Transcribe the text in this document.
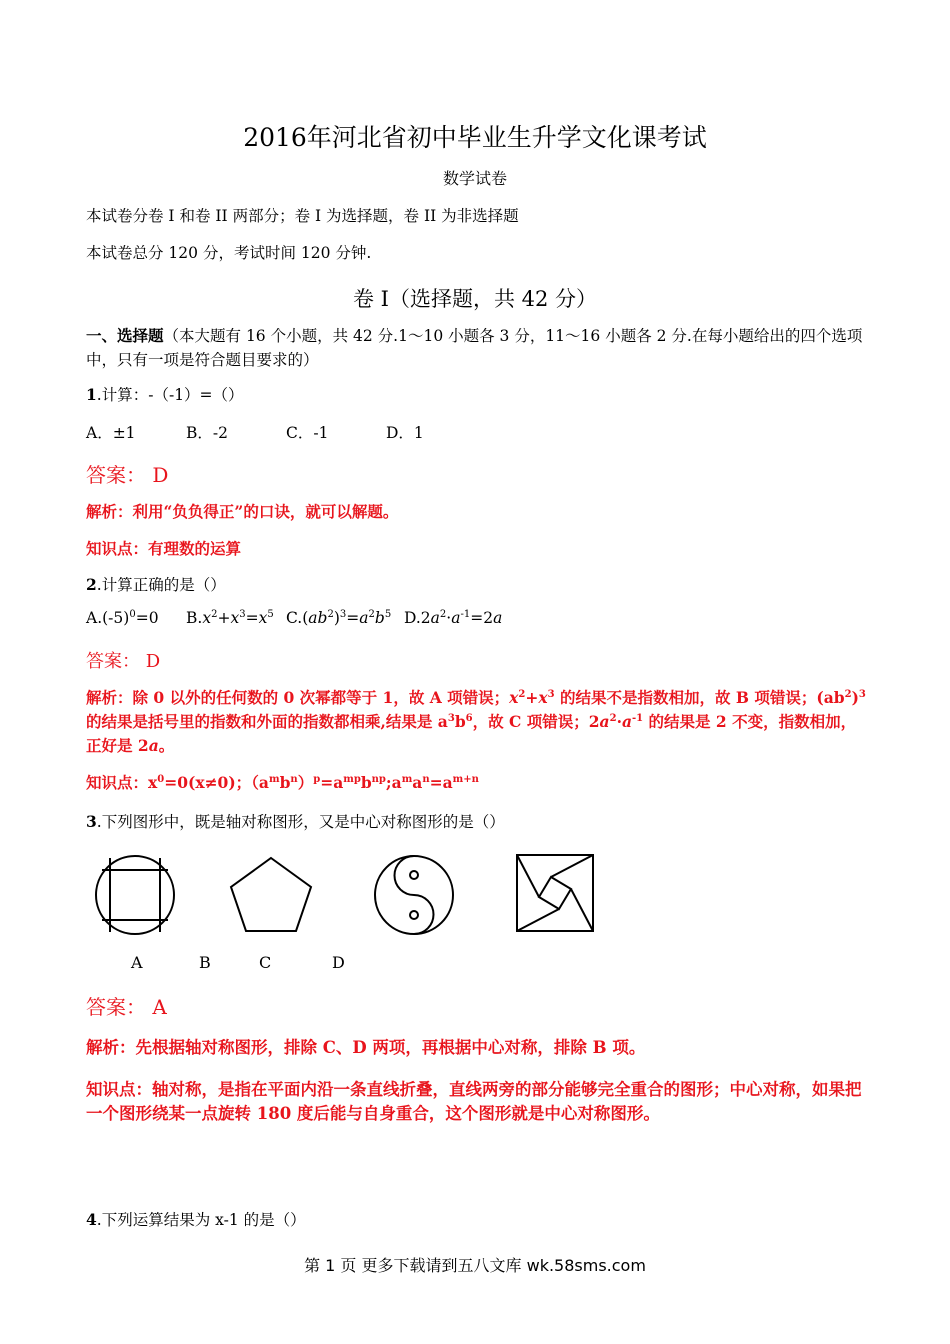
2016年河北省初中毕业生升学文化课考试
数学试卷
本试卷分卷 I 和卷 II 两部分；卷 I 为选择题，卷 II 为非选择题
本试卷总分 120 分，考试时间 120 分钟.
卷 I（选择题，共 42 分）
一、选择题（本大题有 16 个小题，共 42 分.1～10 小题各 3 分，11～16 小题各 2 分.在每小题给出的四个选项中，只有一项是符合题目要求的）
1.计算：-（-1）=（）
A．±1	B．-2	C．-1	D．1
答案： D
解析：利用“负负得正”的口诀，就可以解题。
知识点：有理数的运算
2.计算正确的是（）
$A.(-5)^0=0$ $B.x^2+x^3=x^5$ $C.(ab^2)^3=a^2b^5$ $D.2a^2\cdot a^{-1}=2a$
答案： D
解析：除 0 以外的任何数的 0 次幂都等于 1，故 A 项错误；$x^2+x^3$ 的结果不是指数相加，故 B 项错误；$(ab^2)^3$ 的结果是括号里的指数和外面的指数都相乘,结果是 $a^3b^6$，故 C 项错误；$2a^2\cdot a^{-1}$ 的结果是 2 不变，指数相加，正好是 2a。
知识点：$x^0=0(x\ne 0)$；$(a^mb^n)^p=a^{mp}b^{np};a^ma^n=a^{m+n}$
3.下列图形中，既是轴对称图形，又是中心对称图形的是（）
A	B	C	D
答案： A
解析：先根据轴对称图形，排除 C、D 两项，再根据中心对称，排除 B 项。
知识点：轴对称，是指在平面内沿一条直线折叠，直线两旁的部分能够完全重合的图形；中心对称，如果把一个图形绕某一点旋转 180 度后能与自身重合，这个图形就是中心对称图形。
4.下列运算结果为 x-1 的是（）
第 1 页 更多下载请到五八文库 wk.58sms.com
